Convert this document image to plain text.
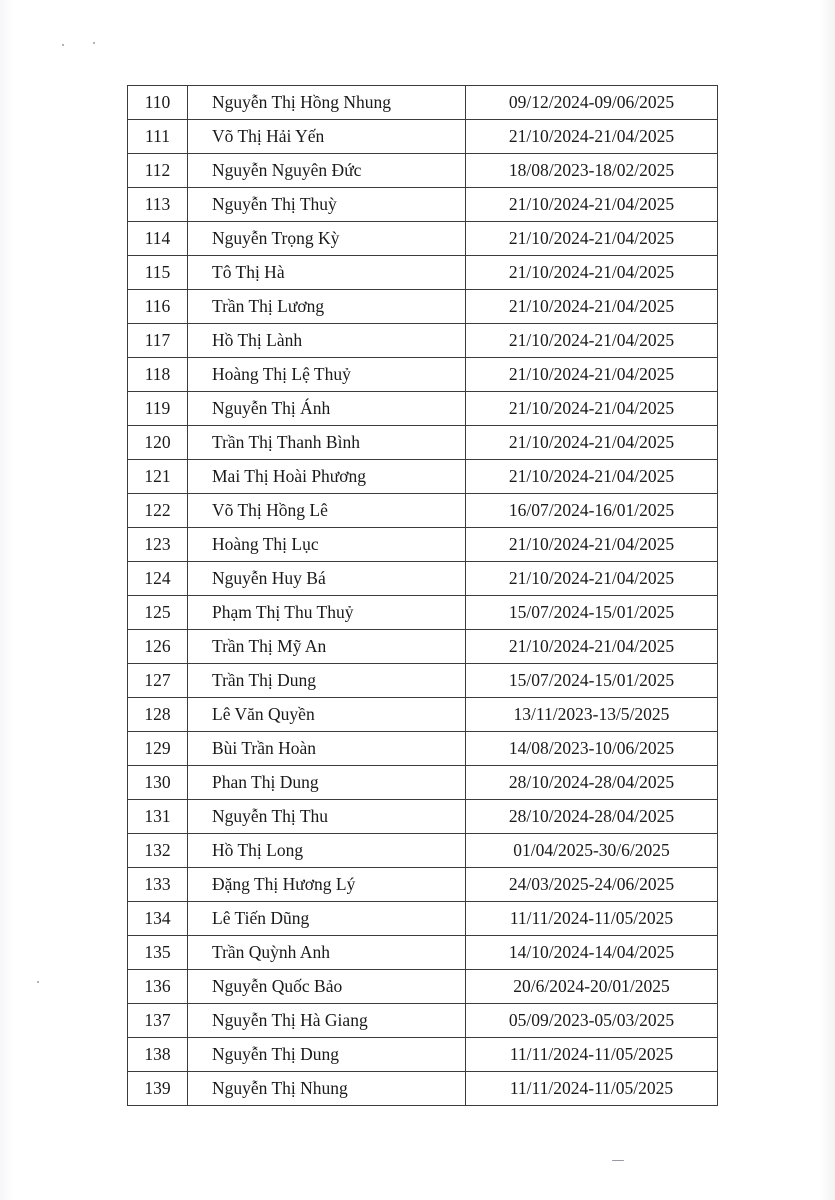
110	Nguyễn Thị Hồng Nhung	09/12/2024-09/06/2025
111	Võ Thị Hải Yến	21/10/2024-21/04/2025
112	Nguyễn Nguyên Đức	18/08/2023-18/02/2025
113	Nguyễn Thị Thuỳ	21/10/2024-21/04/2025
114	Nguyễn Trọng Kỳ	21/10/2024-21/04/2025
115	Tô Thị Hà	21/10/2024-21/04/2025
116	Trần Thị Lương	21/10/2024-21/04/2025
117	Hồ Thị Lành	21/10/2024-21/04/2025
118	Hoàng Thị Lệ Thuỷ	21/10/2024-21/04/2025
119	Nguyễn Thị Ánh	21/10/2024-21/04/2025
120	Trần Thị Thanh Bình	21/10/2024-21/04/2025
121	Mai Thị Hoài Phương	21/10/2024-21/04/2025
122	Võ Thị Hồng Lê	16/07/2024-16/01/2025
123	Hoàng Thị Lục	21/10/2024-21/04/2025
124	Nguyễn Huy Bá	21/10/2024-21/04/2025
125	Phạm Thị Thu Thuỷ	15/07/2024-15/01/2025
126	Trần Thị Mỹ An	21/10/2024-21/04/2025
127	Trần Thị Dung	15/07/2024-15/01/2025
128	Lê Văn Quyền	13/11/2023-13/5/2025
129	Bùi Trần Hoàn	14/08/2023-10/06/2025
130	Phan Thị Dung	28/10/2024-28/04/2025
131	Nguyễn Thị Thu	28/10/2024-28/04/2025
132	Hồ Thị Long	01/04/2025-30/6/2025
133	Đặng Thị Hương Lý	24/03/2025-24/06/2025
134	Lê Tiến Dũng	11/11/2024-11/05/2025
135	Trần Quỳnh Anh	14/10/2024-14/04/2025
136	Nguyễn Quốc Bảo	20/6/2024-20/01/2025
137	Nguyễn Thị Hà Giang	05/09/2023-05/03/2025
138	Nguyễn Thị Dung	11/11/2024-11/05/2025
139	Nguyễn Thị Nhung	11/11/2024-11/05/2025
